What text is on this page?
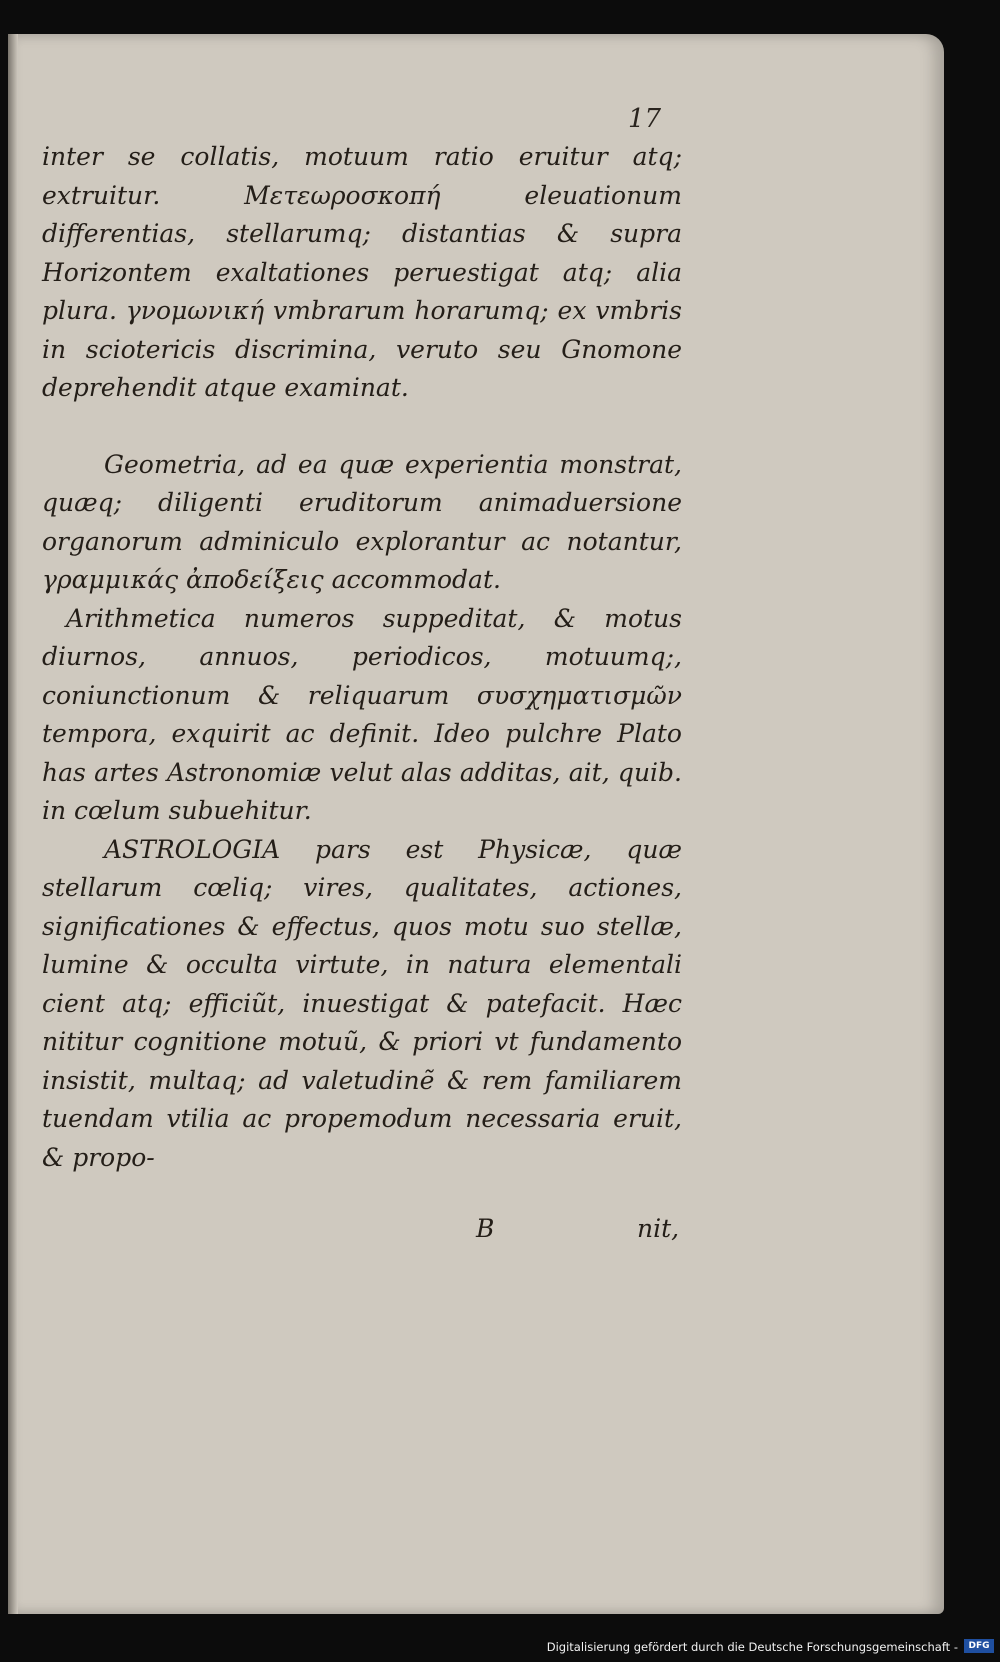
17

inter se collatis, motuum ratio eruitur atq; extruitur. Μετεωροσκοπή eleuationum differentias, stellarumq; distantias & supra Horizontem exaltationes peruestigat atq; alia plura. γνομωνική vmbrarum horarumq; ex vmbris in sciotericis discrimina, veruto seu Gnomone deprehendit atque examinat.

Geometria, ad ea quæ experientia monstrat, quæq; diligenti eruditorum animaduersione organorum adminiculo explorantur ac notantur, γραμμικάς ἀποδείξεις accommodat.

Arithmetica numeros suppeditat, & motus diurnos, annuos, periodicos, motuumq;, coniunctionum & reliquarum συσχηματισμῶν tempora, exquirit ac definit. Ideo pulchre Plato has artes Astronomiæ velut alas additas, ait, quib. in cœlum subuehitur.

ASTROLOGIA pars est Physicæ, quæ stellarum cœliq; vires, qualitates, actiones, significationes & effectus, quos motu suo stellæ, lumine & occulta virtute, in natura elementali cient atq; efficiũt, inuestigat & patefacit. Hæc nititur cognitione motuũ, & priori vt fundamento insistit, multaq; ad valetudinẽ & rem familiarem tuendam vtilia ac propemodum necessaria eruit, & propo-

B	nit,
Digitalisierung gefördert durch die Deutsche Forschungsgemeinschaft -	DFG
